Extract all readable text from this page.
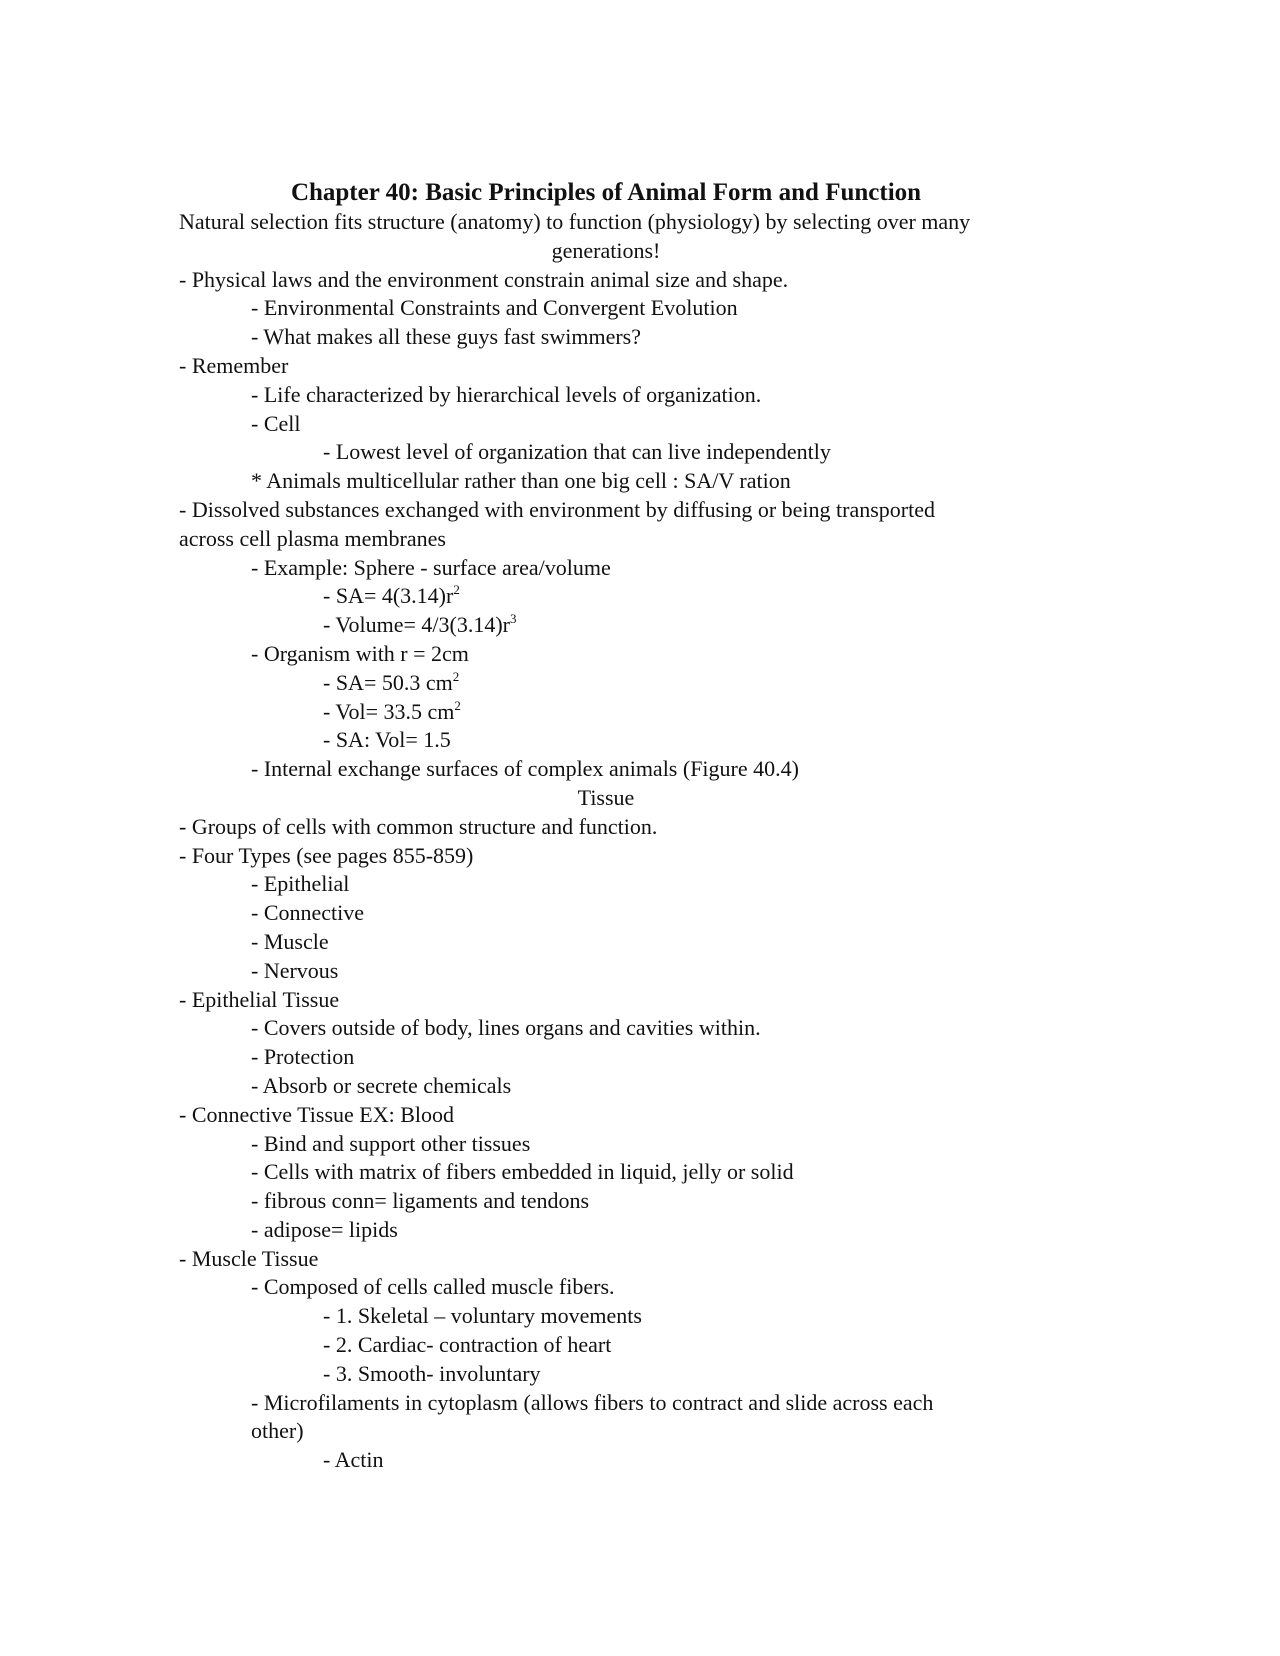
Chapter 40: Basic Principles of Animal Form and Function
Natural selection fits structure (anatomy) to function (physiology) by selecting over many
generations!
- Physical laws and the environment constrain animal size and shape.
- Environmental Constraints and Convergent Evolution
- What makes all these guys fast swimmers?
- Remember
- Life characterized by hierarchical levels of organization.
- Cell
- Lowest level of organization that can live independently
* Animals multicellular rather than one big cell : SA/V ration
- Dissolved substances exchanged with environment by diffusing or being transported
across cell plasma membranes
- Example: Sphere - surface area/volume
- $SA= 4(3.14)r^2$
- Volume= $4/3(3.14)r^3$
- Organism with r = 2cm
- SA= 50.3 $cm^2$
- Vol= 33.5 $cm^2$
- SA: Vol= 1.5
- Internal exchange surfaces of complex animals (Figure 40.4)
Tissue
- Groups of cells with common structure and function.
- Four Types (see pages 855-859)
- Epithelial
- Connective
- Muscle
- Nervous
- Epithelial Tissue
- Covers outside of body, lines organs and cavities within.
- Protection
- Absorb or secrete chemicals
- Connective Tissue EX: Blood
- Bind and support other tissues
- Cells with matrix of fibers embedded in liquid, jelly or solid
- fibrous conn= ligaments and tendons
- adipose= lipids
- Muscle Tissue
- Composed of cells called muscle fibers.
- 1. Skeletal – voluntary movements
- 2. Cardiac- contraction of heart
- 3. Smooth- involuntary
- Microfilaments in cytoplasm (allows fibers to contract and slide across each
other)
- Actin
